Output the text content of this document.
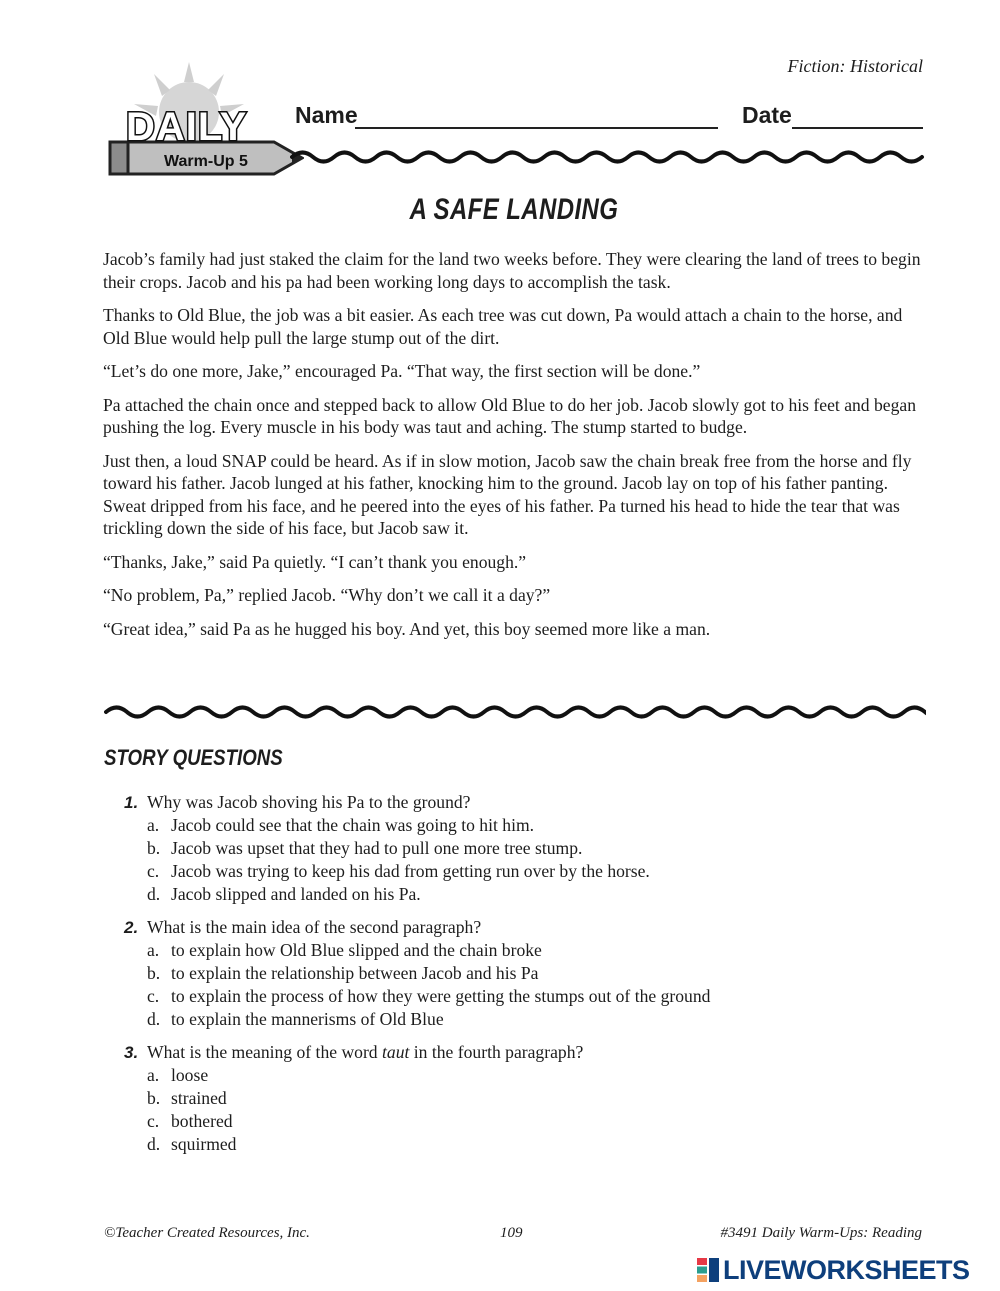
Fiction: Historical
DAILY
Warm-Up 5
Name	Date
A SAFE LANDING

Jacob’s family had just staked the claim for the land two weeks before. They were clearing the land of trees to begin their crops. Jacob and his pa had been working long days to accomplish the task.

Thanks to Old Blue, the job was a bit easier. As each tree was cut down, Pa would attach a chain to the horse, and Old Blue would help pull the large stump out of the dirt.

“Let’s do one more, Jake,” encouraged Pa. “That way, the first section will be done.”

Pa attached the chain once and stepped back to allow Old Blue to do her job. Jacob slowly got to his feet and began pushing the log. Every muscle in his body was taut and aching. The stump started to budge.

Just then, a loud SNAP could be heard. As if in slow motion, Jacob saw the chain break free from the horse and fly toward his father. Jacob lunged at his father, knocking him to the ground. Jacob lay on top of his father panting. Sweat dripped from his face, and he peered into the eyes of his father. Pa turned his head to hide the tear that was trickling down the side of his face, but Jacob saw it.

“Thanks, Jake,” said Pa quietly. “I can’t thank you enough.”

“No problem, Pa,” replied Jacob. “Why don’t we call it a day?”

“Great idea,” said Pa as he hugged his boy. And yet, this boy seemed more like a man.

STORY QUESTIONS
1. Why was Jacob shoving his Pa to the ground?
a. Jacob could see that the chain was going to hit him.
b. Jacob was upset that they had to pull one more tree stump.
c. Jacob was trying to keep his dad from getting run over by the horse.
d. Jacob slipped and landed on his Pa.
2. What is the main idea of the second paragraph?
a. to explain how Old Blue slipped and the chain broke
b. to explain the relationship between Jacob and his Pa
c. to explain the process of how they were getting the stumps out of the ground
d. to explain the mannerisms of Old Blue
3. What is the meaning of the word taut in the fourth paragraph?
a. loose
b. strained
c. bothered
d. squirmed
©Teacher Created Resources, Inc.	109	#3491 Daily Warm-Ups: Reading
LIVEWORKSHEETS
